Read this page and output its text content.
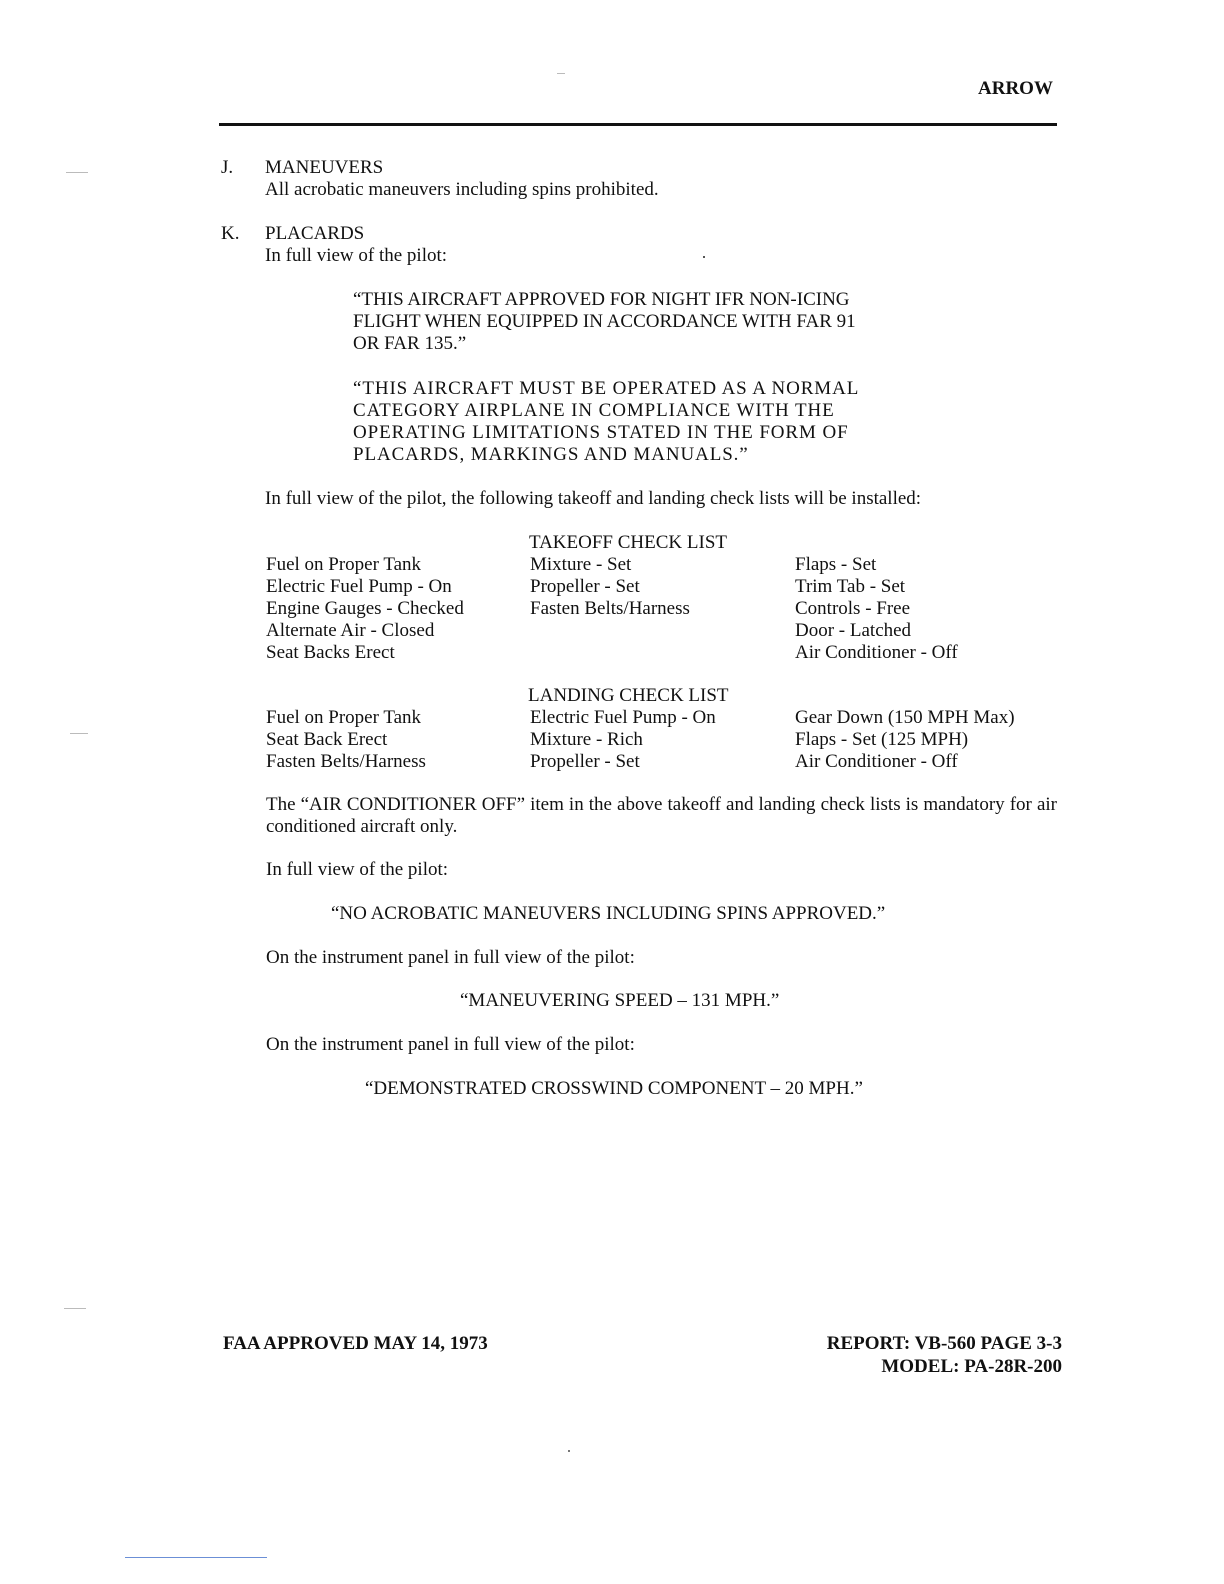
ARROW
J. MANEUVERS
All acrobatic maneuvers including spins prohibited.
K. PLACARDS
In full view of the pilot:
“THIS AIRCRAFT APPROVED FOR NIGHT IFR NON-ICING
FLIGHT WHEN EQUIPPED IN ACCORDANCE WITH FAR 91
OR FAR 135.”
“THIS AIRCRAFT MUST BE OPERATED AS A NORMAL
CATEGORY AIRPLANE IN COMPLIANCE WITH THE
OPERATING LIMITATIONS STATED IN THE FORM OF
PLACARDS, MARKINGS AND MANUALS.”
In full view of the pilot, the following takeoff and landing check lists will be installed:
TAKEOFF CHECK LIST
Fuel on Proper Tank
Electric Fuel Pump - On
Engine Gauges - Checked
Alternate Air - Closed
Seat Backs Erect
Mixture - Set
Propeller - Set
Fasten Belts/Harness
Flaps - Set
Trim Tab - Set
Controls - Free
Door - Latched
Air Conditioner - Off
LANDING CHECK LIST
Fuel on Proper Tank
Seat Back Erect
Fasten Belts/Harness
Electric Fuel Pump - On
Mixture - Rich
Propeller - Set
Gear Down (150 MPH Max)
Flaps - Set (125 MPH)
Air Conditioner - Off
The “AIR CONDITIONER OFF” item in the above takeoff and landing check lists is mandatory for air conditioned aircraft only.
In full view of the pilot:
“NO ACROBATIC MANEUVERS INCLUDING SPINS APPROVED.”
On the instrument panel in full view of the pilot:
“MANEUVERING SPEED – 131 MPH.”
On the instrument panel in full view of the pilot:
“DEMONSTRATED CROSSWIND COMPONENT – 20 MPH.”
FAA APPROVED MAY 14, 1973	REPORT: VB-560 PAGE 3-3
MODEL: PA-28R-200
